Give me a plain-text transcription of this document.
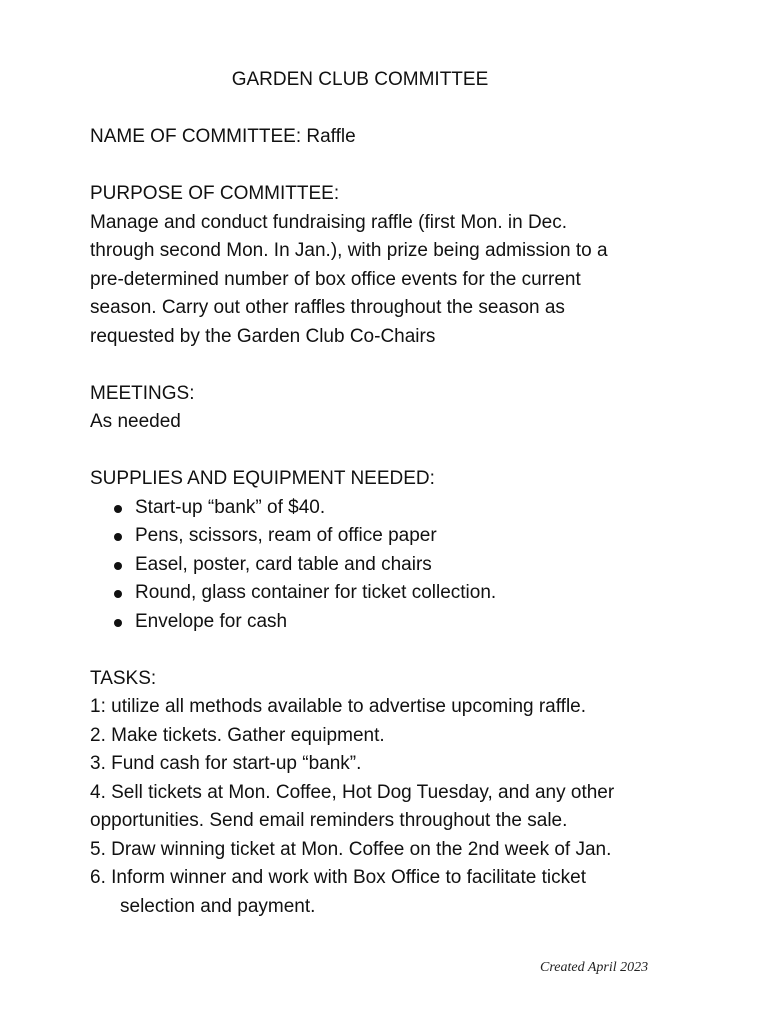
GARDEN CLUB COMMITTEE

NAME OF COMMITTEE: Raffle

PURPOSE OF COMMITTEE:

Manage and conduct fundraising raffle (first Mon. in Dec.

through second Mon. In Jan.), with prize being admission to a

pre-determined number of box office events for the current

season. Carry out other raffles throughout the season as

requested by the Garden Club Co-Chairs

MEETINGS:

As needed

SUPPLIES AND EQUIPMENT NEEDED:

Start-up “bank” of $40.
Pens, scissors, ream of office paper
Easel, poster, card table and chairs
Round, glass container for ticket collection.
Envelope for cash

TASKS:

1: utilize all methods available to advertise upcoming raffle.

2. Make tickets. Gather equipment.

3. Fund cash for start-up “bank”.

4. Sell tickets at Mon. Coffee, Hot Dog Tuesday, and any other

opportunities. Send email reminders throughout the sale.

5. Draw winning ticket at Mon. Coffee on the 2nd week of Jan.

6. Inform winner and work with Box Office to facilitate ticket

selection and payment.

Created April 2023
